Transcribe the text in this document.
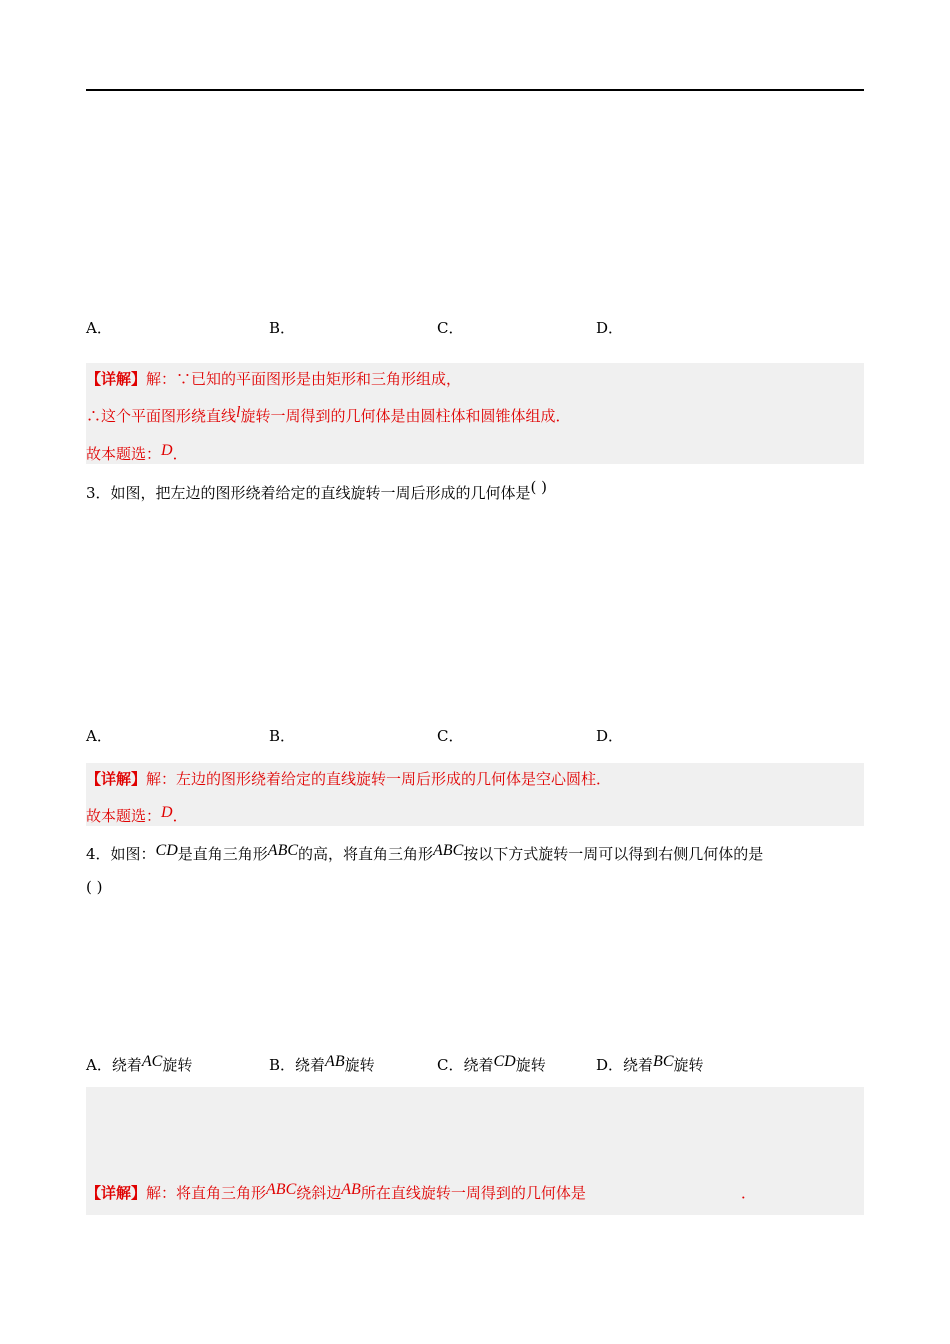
A．	B．	C．	D．
【详解】解：∵已知的平面图形是由矩形和三角形组成，
∴这个平面图形绕直线l旋转一周得到的几何体是由圆柱体和圆锥体组成．
故本题选：D．
3．如图，把左边的图形绕着给定的直线旋转一周后形成的几何体是( )
A．	B．	C．	D．
【详解】解：左边的图形绕着给定的直线旋转一周后形成的几何体是空心圆柱．
故本题选：D．
4．如图：CD是直角三角形ABC的高，将直角三角形ABC按以下方式旋转一周可以得到右侧几何体的是
( )
A．绕着AC旋转	B．绕着AB旋转	C．绕着CD旋转	D．绕着BC旋转
【详解】解：将直角三角形ABC绕斜边AB所在直线旋转一周得到的几何体是	．
